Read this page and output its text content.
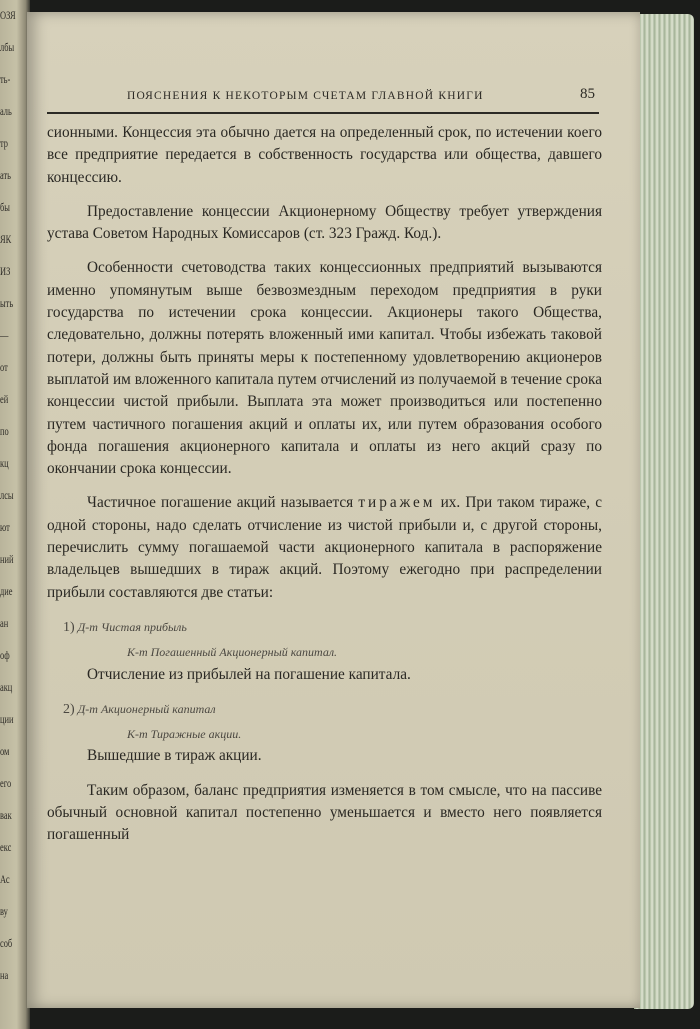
ОЗЯ
лбы
ть-
аль
тр
ать
бы
ЯК
ИЗ
ыть
—
от
ей
по
кц
лсы
ют
ний
дие
ан
оф
акц
ции
ом
его
вак
екс
Ас
ву
соб
на
ПОЯСНЕНИЯ К НЕКОТОРЫМ СЧЕТАМ ГЛАВНОЙ КНИГИ	85

сионными. Концессия эта обычно дается на определенный срок, по истечении коего все предприятие передается в собственность государства или общества, давшего концессию.

Предоставление концессии Акционерному Обществу требует утверждения устава Советом Народных Комиссаров (ст. 323 Гражд. Код.).

Особенности счетоводства таких концессионных предприятий вызываются именно упомянутым выше безвозмездным переходом предприятия в руки государства по истечении срока концессии. Акционеры такого Общества, следовательно, должны потерять вложенный ими капитал. Чтобы избежать таковой потери, должны быть приняты меры к постепенному удовлетворению акционеров выплатой им вложенного капитала путем отчислений из получаемой в течение срока концессии чистой прибыли. Выплата эта может производиться или постепенно путем частичного погашения акций и оплаты их, или путем образования особого фонда погашения акционерного капитала и оплаты из него акций сразу по окончании срока концессии.

Частичное погашение акций называется тиражем их. При таком тираже, с одной стороны, надо сделать отчисление из чистой прибыли и, с другой стороны, перечислить сумму погашаемой части акционерного капитала в распоряжение владельцев вышедших в тираж акций. Поэтому ежегодно при распределении прибыли составляются две статьи:

1) Д-т Чистая прибыль
К-т Погашенный Акционерный капитал.

Отчисление из прибылей на погашение капитала.

2) Д-т Акционерный капитал
К-т Тиражные акции.

Вышедшие в тираж акции.

Таким образом, баланс предприятия изменяется в том смысле, что на пассиве обычный основной капитал постепенно уменьшается и вместо него появляется погашенный
